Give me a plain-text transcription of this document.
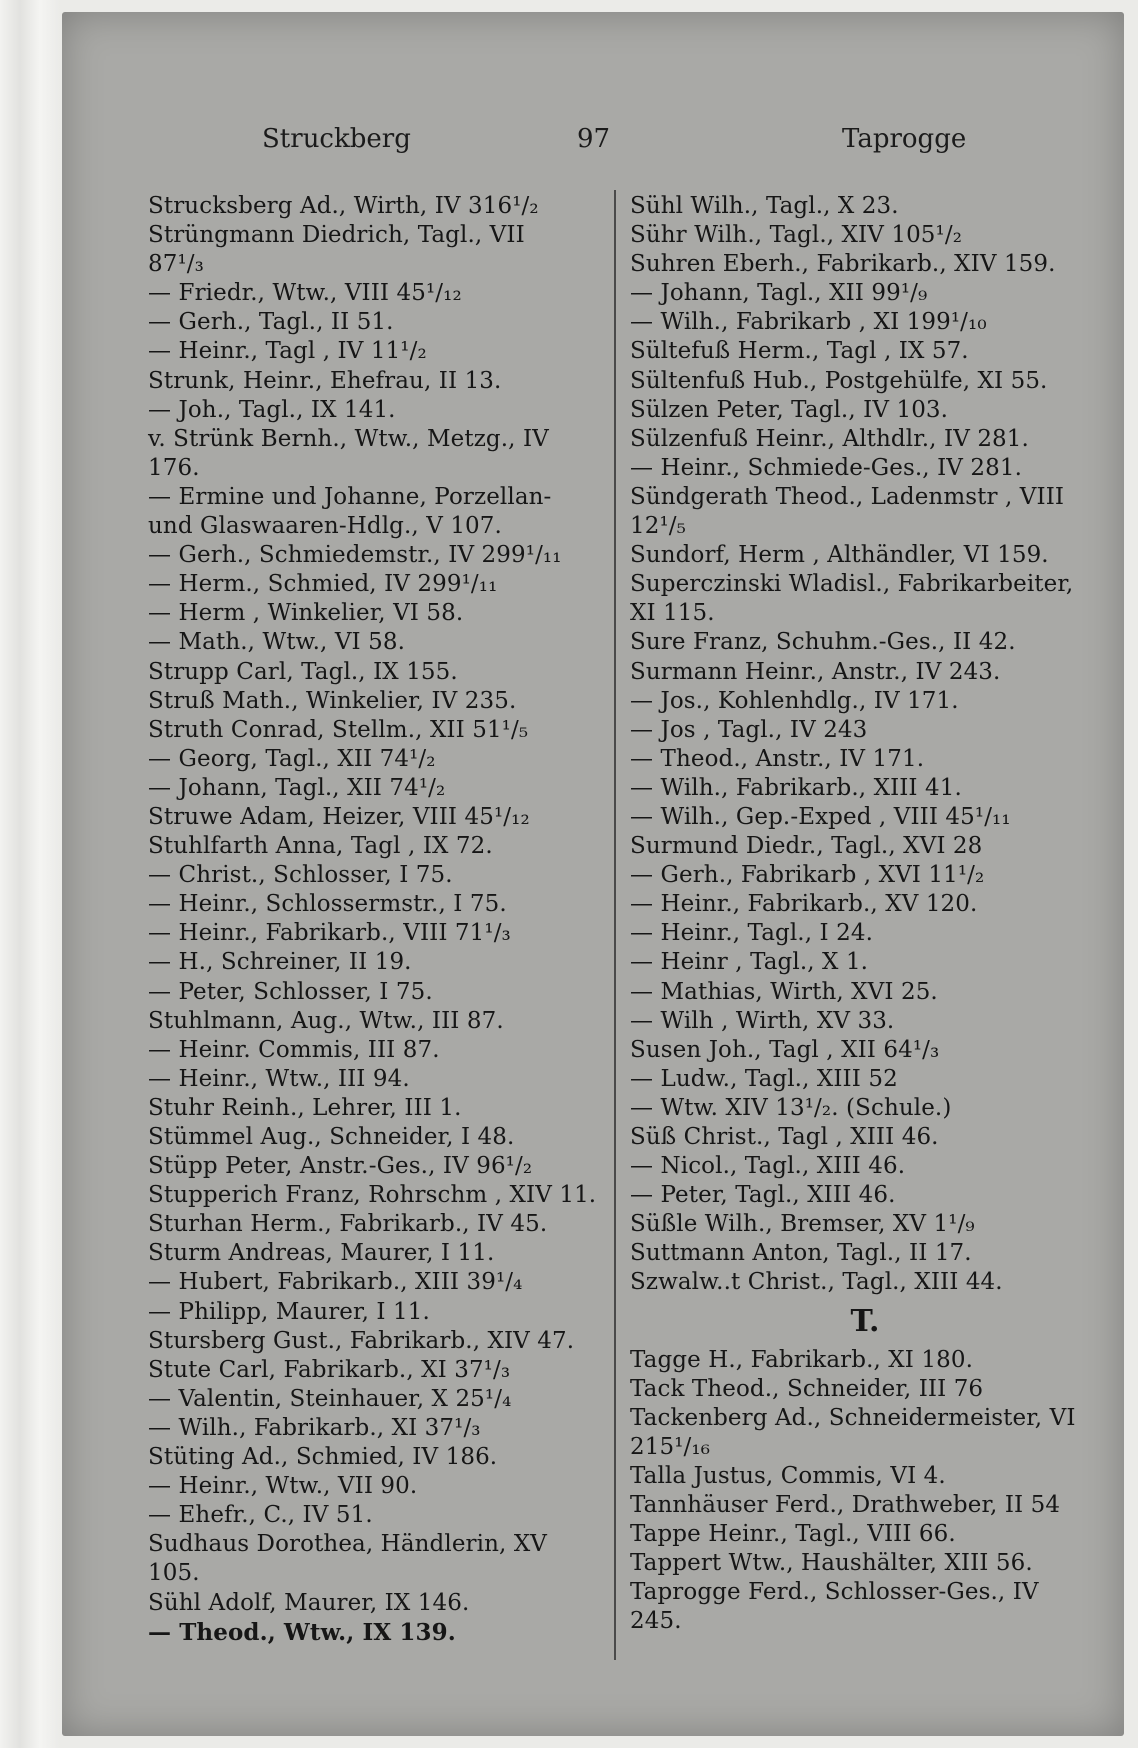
Struckberg	97	Taprogge
Strucksberg Ad., Wirth, IV 316¹/₂
Strüngmann Diedrich, Tagl., VII
87¹/₃
— Friedr., Wtw., VIII 45¹/₁₂
— Gerh., Tagl., II 51.
— Heinr., Tagl , IV 11¹/₂
Strunk, Heinr., Ehefrau, II 13.
— Joh., Tagl., IX 141.
v. Strünk Bernh., Wtw., Metzg., IV
176.
— Ermine und Johanne, Porzellan-
und Glaswaaren-Hdlg., V 107.
— Gerh., Schmiedemstr., IV 299¹/₁₁
— Herm., Schmied, IV 299¹/₁₁
— Herm , Winkelier, VI 58.
— Math., Wtw., VI 58.
Strupp Carl, Tagl., IX 155.
Struß Math., Winkelier, IV 235.
Struth Conrad, Stellm., XII 51¹/₅
— Georg, Tagl., XII 74¹/₂
— Johann, Tagl., XII 74¹/₂
Struwe Adam, Heizer, VIII 45¹/₁₂
Stuhlfarth Anna, Tagl , IX 72.
— Christ., Schlosser, I 75.
— Heinr., Schlossermstr., I 75.
— Heinr., Fabrikarb., VIII 71¹/₃
— H., Schreiner, II 19.
— Peter, Schlosser, I 75.
Stuhlmann, Aug., Wtw., III 87.
— Heinr. Commis, III 87.
— Heinr., Wtw., III 94.
Stuhr Reinh., Lehrer, III 1.
Stümmel Aug., Schneider, I 48.
Stüpp Peter, Anstr.-Ges., IV 96¹/₂
Stupperich Franz, Rohrschm , XIV 11.
Sturhan Herm., Fabrikarb., IV 45.
Sturm Andreas, Maurer, I 11.
— Hubert, Fabrikarb., XIII 39¹/₄
— Philipp, Maurer, I 11.
Stursberg Gust., Fabrikarb., XIV 47.
Stute Carl, Fabrikarb., XI 37¹/₃
— Valentin, Steinhauer, X 25¹/₄
— Wilh., Fabrikarb., XI 37¹/₃
Stüting Ad., Schmied, IV 186.
— Heinr., Wtw., VII 90.
— Ehefr., C., IV 51.
Sudhaus Dorothea, Händlerin, XV
105.
Sühl Adolf, Maurer, IX 146.
— Theod., Wtw., IX 139.
Sühl Wilh., Tagl., X 23.
Sühr Wilh., Tagl., XIV 105¹/₂
Suhren Eberh., Fabrikarb., XIV 159.
— Johann, Tagl., XII 99¹/₉
— Wilh., Fabrikarb , XI 199¹/₁₀
Sültefuß Herm., Tagl , IX 57.
Sültenfuß Hub., Postgehülfe, XI 55.
Sülzen Peter, Tagl., IV 103.
Sülzenfuß Heinr., Althdlr., IV 281.
— Heinr., Schmiede-Ges., IV 281.
Sündgerath Theod., Ladenmstr , VIII
12¹/₅
Sundorf, Herm , Althändler, VI 159.
Superczinski Wladisl., Fabrikarbeiter,
XI 115.
Sure Franz, Schuhm.-Ges., II 42.
Surmann Heinr., Anstr., IV 243.
— Jos., Kohlenhdlg., IV 171.
— Jos , Tagl., IV 243
— Theod., Anstr., IV 171.
— Wilh., Fabrikarb., XIII 41.
— Wilh., Gep.-Exped , VIII 45¹/₁₁
Surmund Diedr., Tagl., XVI 28
— Gerh., Fabrikarb , XVI 11¹/₂
— Heinr., Fabrikarb., XV 120.
— Heinr., Tagl., I 24.
— Heinr , Tagl., X 1.
— Mathias, Wirth, XVI 25.
— Wilh , Wirth, XV 33.
Susen Joh., Tagl , XII 64¹/₃
— Ludw., Tagl., XIII 52
— Wtw. XIV 13¹/₂. (Schule.)
Süß Christ., Tagl , XIII 46.
— Nicol., Tagl., XIII 46.
— Peter, Tagl., XIII 46.
Süßle Wilh., Bremser, XV 1¹/₉
Suttmann Anton, Tagl., II 17.
Szwalw..t Christ., Tagl., XIII 44.
T.
Tagge H., Fabrikarb., XI 180.
Tack Theod., Schneider, III 76
Tackenberg Ad., Schneidermeister, VI
215¹/₁₆
Talla Justus, Commis, VI 4.
Tannhäuser Ferd., Drathweber, II 54
Tappe Heinr., Tagl., VIII 66.
Tappert Wtw., Haushälter, XIII 56.
Taprogge Ferd., Schlosser-Ges., IV
245.
